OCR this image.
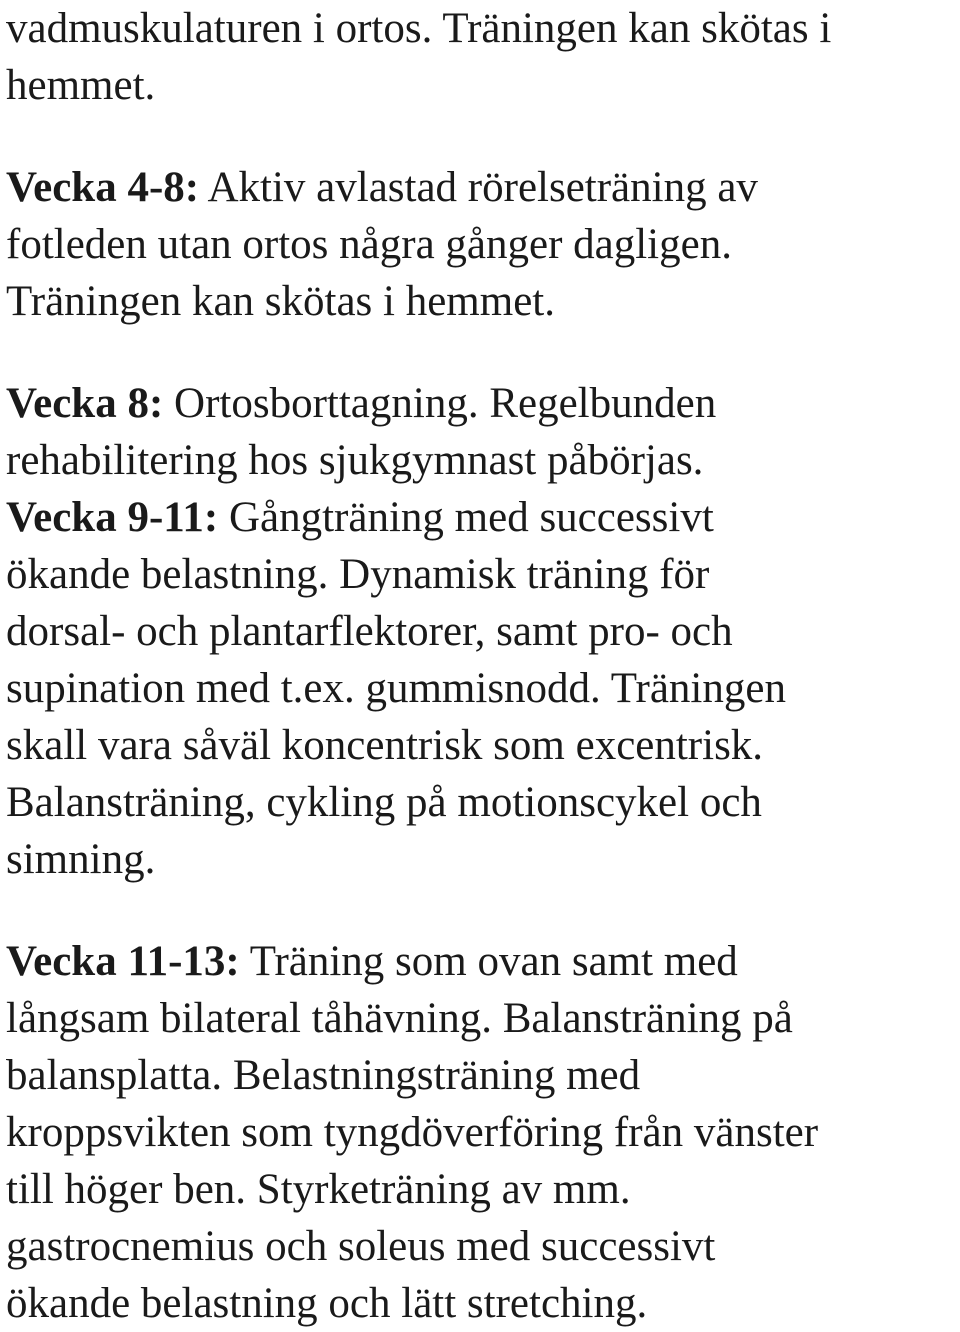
vadmuskulaturen i ortos. Träningen kan skötas i
hemmet.
Vecka 4-8: Aktiv avlastad rörelseträning av
fotleden utan ortos några gånger dagligen.
Träningen kan skötas i hemmet.
Vecka 8: Ortosborttagning. Regelbunden
rehabilitering hos sjukgymnast påbörjas.
Vecka 9-11: Gångträning med successivt
ökande belastning. Dynamisk träning för
dorsal- och plantarflektorer, samt pro- och
supination med t.ex. gummisnodd. Träningen
skall vara såväl koncentrisk som excentrisk.
Balansträning, cykling på motionscykel och
simning.
Vecka 11-13: Träning som ovan samt med
långsam bilateral tåhävning. Balansträning på
balansplatta. Belastningsträning med
kroppsvikten som tyngdöverföring från vänster
till höger ben. Styrketräning av mm.
gastrocnemius och soleus med successivt
ökande belastning och lätt stretching.
